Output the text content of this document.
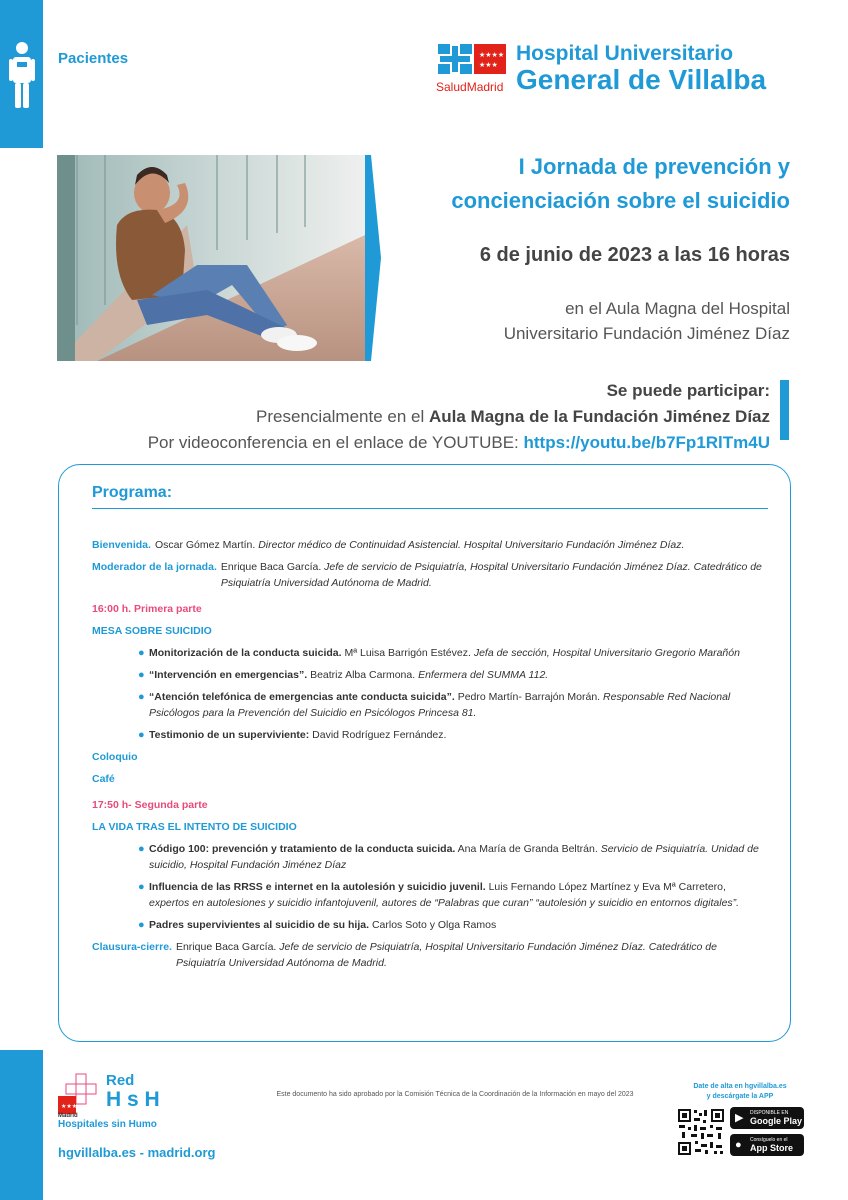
Pacientes	★★★★
★★★
SaludMadrid
Hospital Universitario
General de Villalba
I Jornada de prevención y
concienciación sobre el suicidio
6 de junio de 2023 a las 16 horas
en el Aula Magna del Hospital
Universitario Fundación Jiménez Díaz
Se puede participar:
Presencialmente en el Aula Magna de la Fundación Jiménez Díaz
Por videoconferencia en el enlace de YOUTUBE: https://youtu.be/b7Fp1RlTm4U
Programa:
Bienvenida. Oscar Gómez Martín. Director médico de Continuidad Asistencial. Hospital Universitario Fundación Jiménez Díaz.
Moderador de la jornada. Enrique Baca García. Jefe de servicio de Psiquiatría, Hospital Universitario Fundación Jiménez Díaz. Catedrático de Psiquiatría Universidad Autónoma de Madrid.
16:00 h. Primera parte
MESA SOBRE SUICIDIO
● Monitorización de la conducta suicida. Mª Luisa Barrigón Estévez. Jefa de sección, Hospital Universitario Gregorio Marañón
● “Intervención en emergencias”. Beatriz Alba Carmona. Enfermera del SUMMA 112.
● “Atención telefónica de emergencias ante conducta suicida”. Pedro Martín- Barrajón Morán. Responsable Red Nacional Psicólogos para la Prevención del Suicidio en Psicólogos Princesa 81.
● Testimonio de un superviviente: David Rodríguez Fernández.
Coloquio
Café
17:50 h- Segunda parte
LA VIDA TRAS EL INTENTO DE SUICIDIO
● Código 100: prevención y tratamiento de la conducta suicida. Ana María de Granda Beltrán. Servicio de Psiquiatría. Unidad de suicidio, Hospital Fundación Jiménez Díaz
● Influencia de las RRSS e internet en la autolesión y suicidio juvenil. Luis Fernando López Martínez y Eva Mª Carretero, expertos en autolesiones y suicidio infantojuvenil, autores de “Palabras que curan” “autolesión y suicidio en entornos digitales”.
● Padres supervivientes al suicidio de su hija. Carlos Soto y Olga Ramos
Clausura-cierre. Enrique Baca García. Jefe de servicio de Psiquiatría, Hospital Universitario Fundación Jiménez Díaz. Catedrático de Psiquiatría Universidad Autónoma de Madrid.
★★★
Red
H s H
Madrid
Hospitales sin Humo
hgvillalba.es - madrid.org
Este documento ha sido aprobado por la Comisión Técnica de la Coordinación de la Información en mayo del 2023
Date de alta en hgvillalba.es
y descárgate la APP
▶ DISPONIBLE EN
Google Play
● Consíguelo en el
App Store
